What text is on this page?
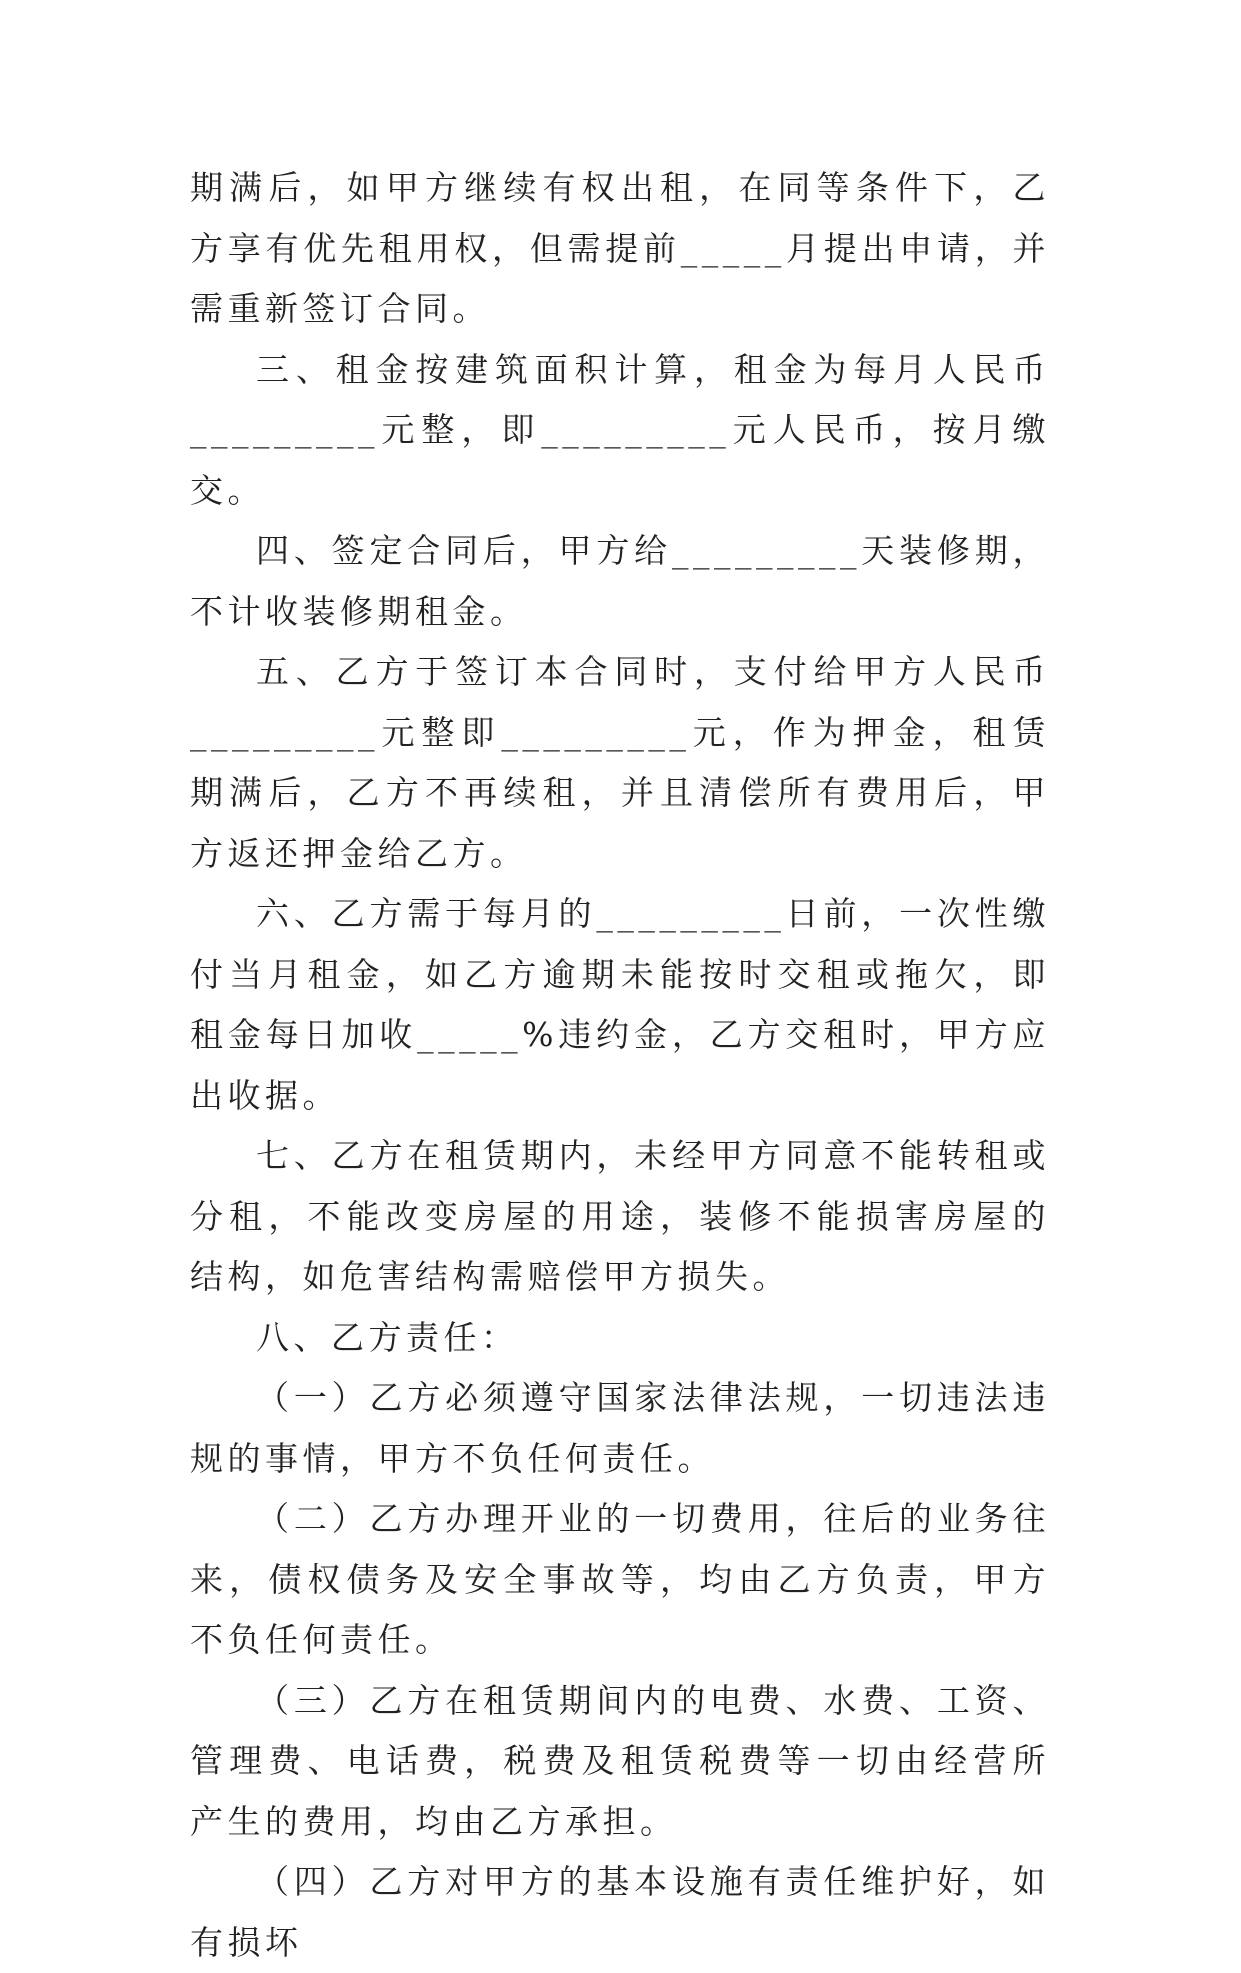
期满后，如甲方继续有权出租，在同等条件下，乙方享有优先租用权，但需提前_____月提出申请，并需重新签订合同。

三、租金按建筑面积计算，租金为每月人民币_________元整，即_________元人民币，按月缴交。

四、签定合同后，甲方给_________天装修期，不计收装修期租金。

五、乙方于签订本合同时，支付给甲方人民币_________元整即_________元，作为押金，租赁期满后，乙方不再续租，并且清偿所有费用后，甲方返还押金给乙方。

六、乙方需于每月的_________日前，一次性缴付当月租金，如乙方逾期未能按时交租或拖欠，即租金每日加收_____%违约金，乙方交租时，甲方应出收据。

七、乙方在租赁期内，未经甲方同意不能转租或分租，不能改变房屋的用途，装修不能损害房屋的结构，如危害结构需赔偿甲方损失。

八、乙方责任：

（一）乙方必须遵守国家法律法规，一切违法违规的事情，甲方不负任何责任。

（二）乙方办理开业的一切费用，往后的业务往来，债权债务及安全事故等，均由乙方负责，甲方不负任何责任。

（三）乙方在租赁期间内的电费、水费、工资、管理费、电话费，税费及租赁税费等一切由经营所产生的费用，均由乙方承担。

（四）乙方对甲方的基本设施有责任维护好，如有损坏
